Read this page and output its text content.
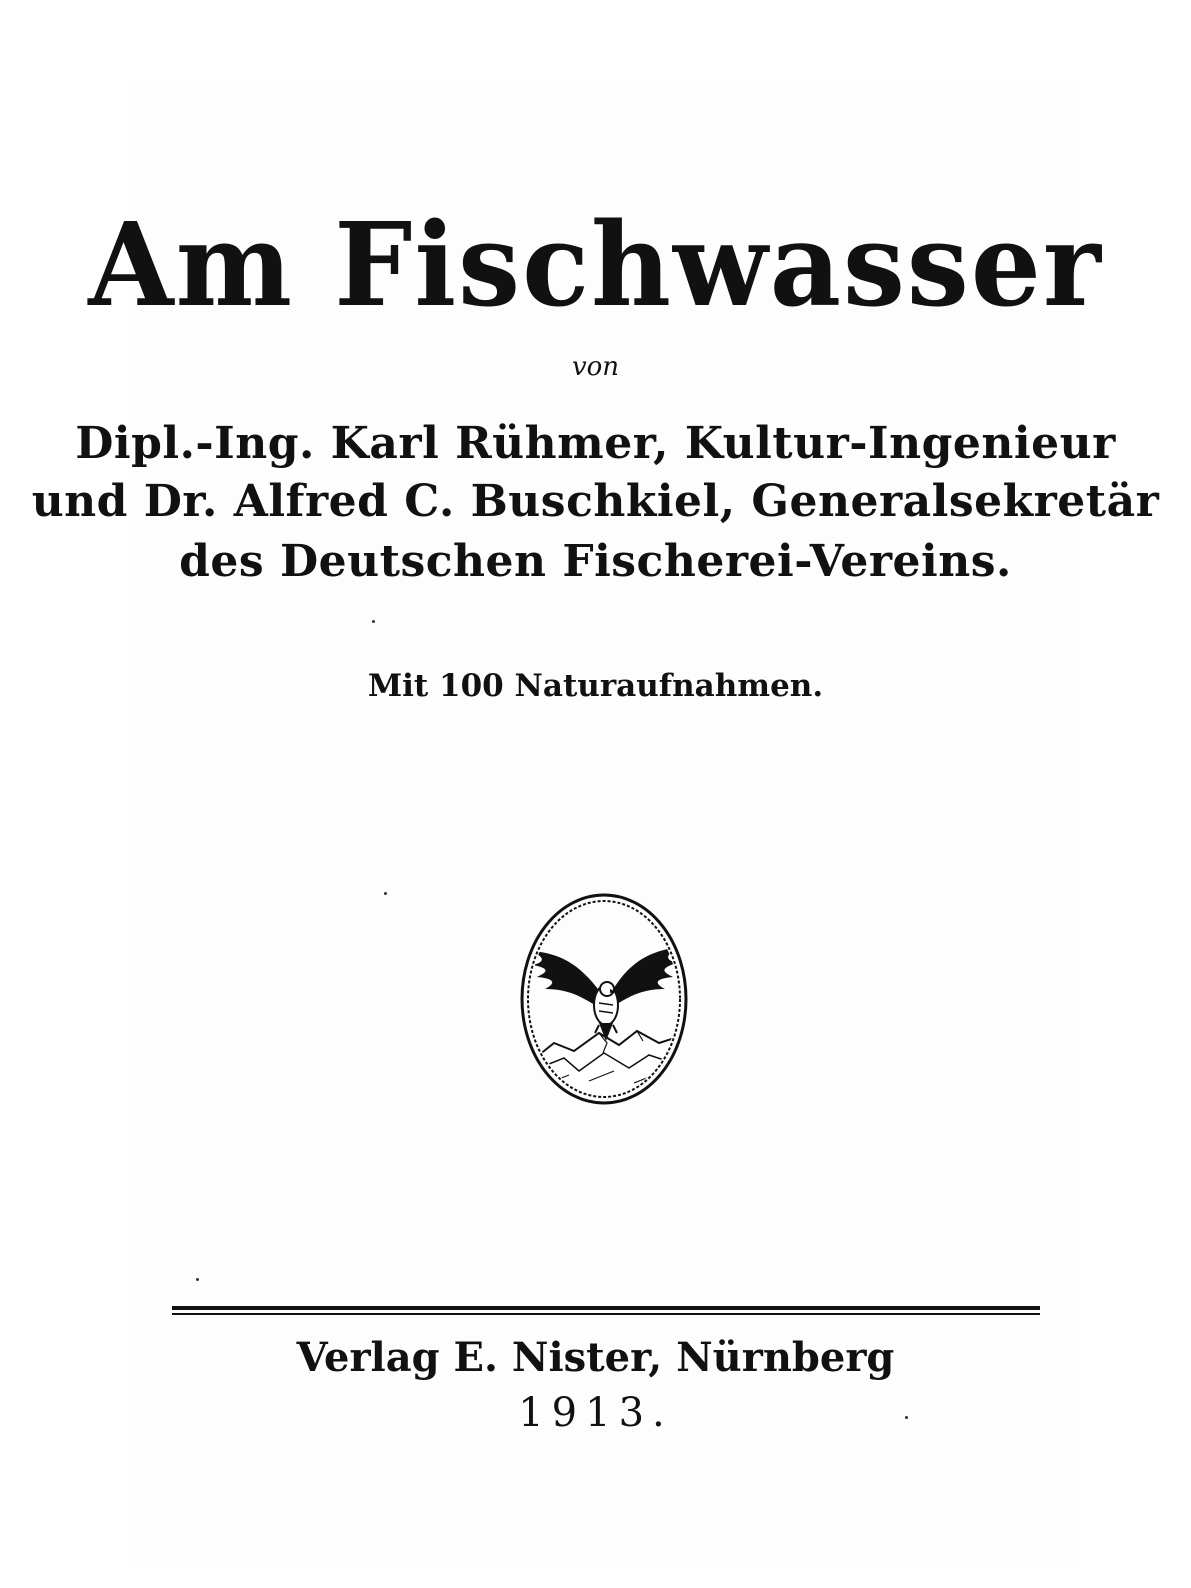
Am Fischwasser
von
Dipl.-Ing. Karl Rühmer, Kultur-Ingenieur
und Dr. Alfred C. Buschkiel, Generalsekretär
des Deutschen Fischerei-Vereins.
Mit 100 Naturaufnahmen.
Verlag E. Nister, Nürnberg
1913.
